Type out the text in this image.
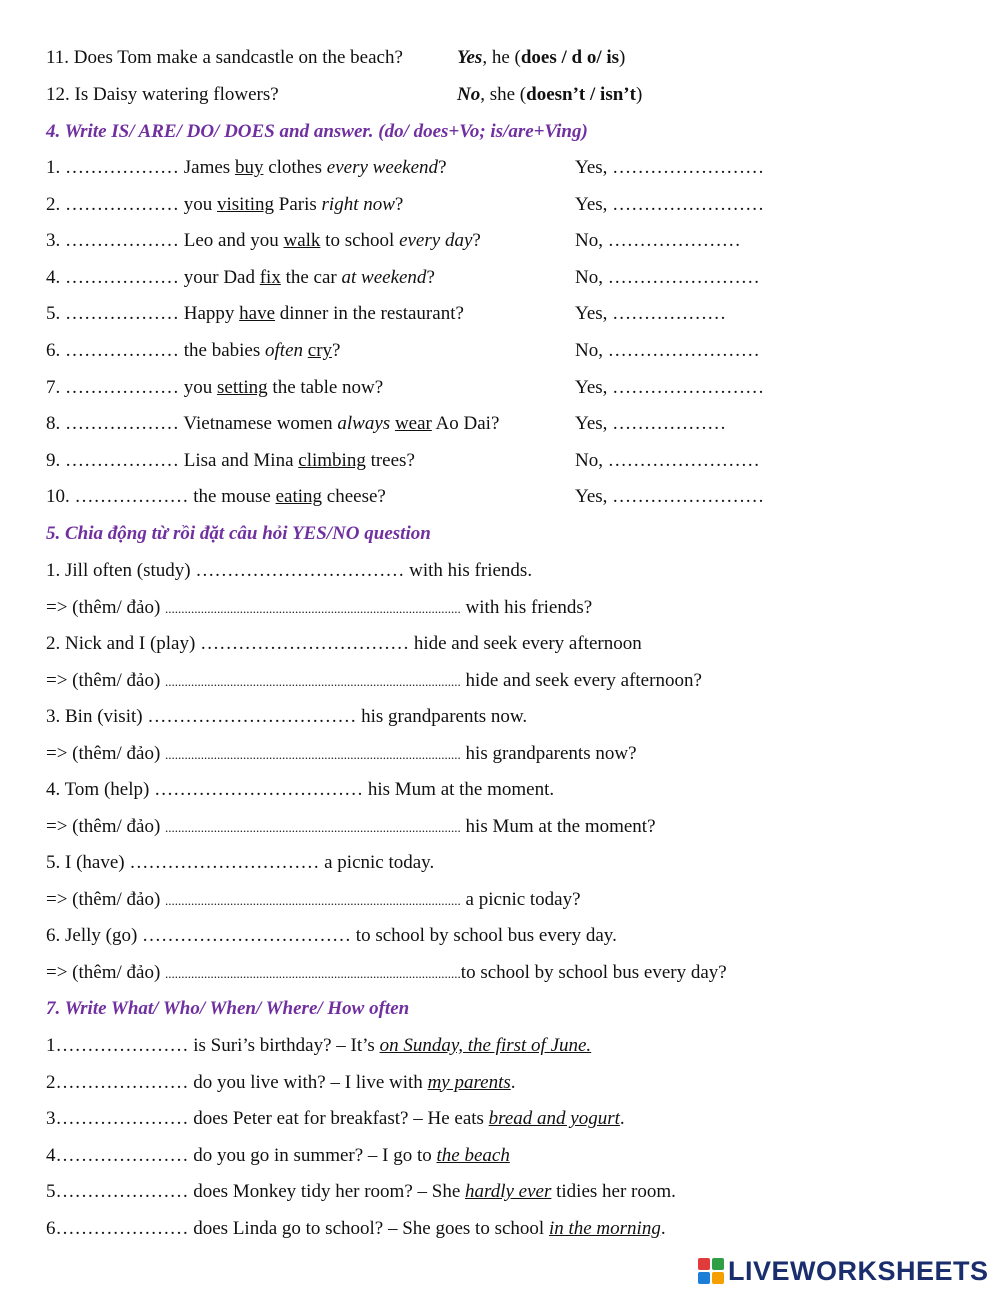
11. Does Tom make a sandcastle on the beach?	Yes, he (does / d o/ is)
12. Is Daisy watering flowers?	No, she (doesn’t / isn’t)
4. Write IS/ ARE/ DO/ DOES and answer. (do/ does+Vo; is/are+Ving)
1. ……………… James buy clothes every weekend?	Yes, ……………………
2. ……………… you visiting Paris right now?	Yes, ……………………
3. ……………… Leo and you walk to school every day?	No, …………………
4. ……………… your Dad fix the car at weekend?	No, ……………………
5. ……………… Happy have dinner in the restaurant?	Yes, ………………
6. ……………… the babies often cry?	No, ……………………
7. ……………… you setting the table now?	Yes, ……………………
8. ……………… Vietnamese women always wear Ao Dai?	Yes, ………………
9. ……………… Lisa and Mina climbing trees?	No, ……………………
10. ……………… the mouse eating cheese?	Yes, ……………………
5. Chia động từ rồi đặt câu hỏi YES/NO question
1. Jill often (study) …………………………… with his friends.
=> (thêm/ đảo) ........................................................................................... with his friends?
2. Nick and I (play) …………………………… hide and seek every afternoon
=> (thêm/ đảo) ........................................................................................... hide and seek every afternoon?
3. Bin (visit) …………………………… his grandparents now.
=> (thêm/ đảo) ........................................................................................... his grandparents now?
4. Tom (help) …………………………… his Mum at the moment.
=> (thêm/ đảo) ........................................................................................... his Mum at the moment?
5. I (have) ………………………… a picnic today.
=> (thêm/ đảo) ........................................................................................... a picnic today?
6. Jelly (go) …………………………… to school by school bus every day.
=> (thêm/ đảo) ...........................................................................................to school by school bus every day?
7. Write What/ Who/ When/ Where/ How often
1………………… is Suri’s birthday? – It’s on Sunday, the first of June.
2………………… do you live with? – I live with my parents.
3………………… does Peter eat for breakfast? – He eats bread and yogurt.
4………………… do you go in summer? – I go to the beach
5………………… does Monkey tidy her room? – She hardly ever tidies her room.
6………………… does Linda go to school? – She goes to school in the morning.
LIVEWORKSHEETS
